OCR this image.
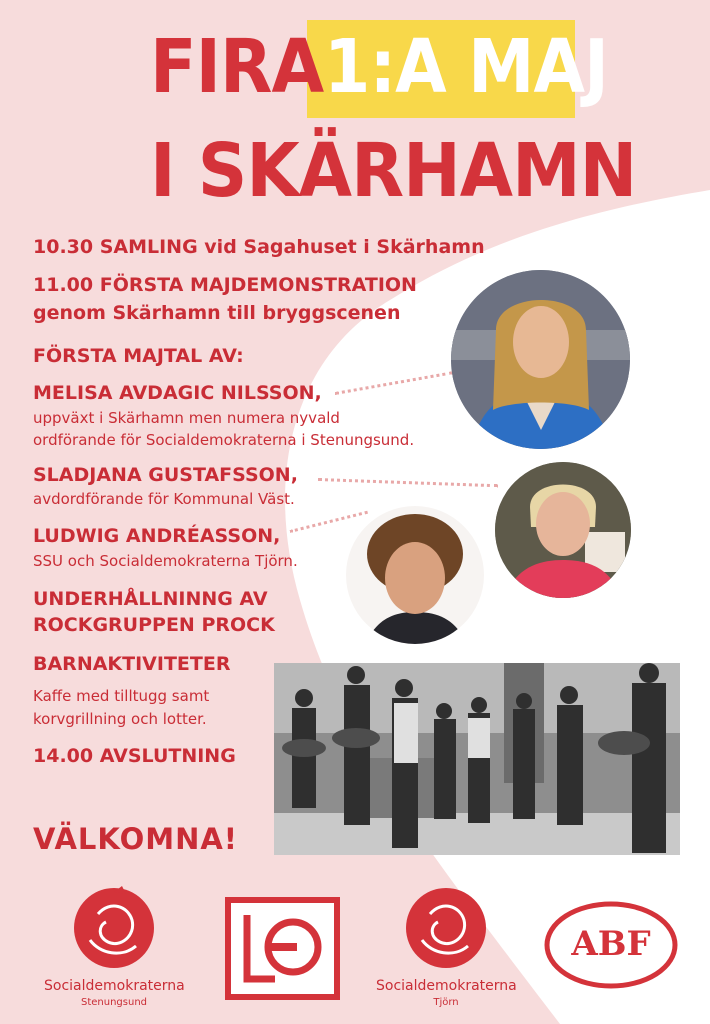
FIRA 1:A MAJ
I SKÄRHAMN
10.30 SAMLING vid Sagahuset i Skärhamn
11.00 FÖRSTA MAJDEMONSTRATION
genom Skärhamn till bryggscenen
FÖRSTA MAJTAL AV:
MELISA AVDAGIC NILSSON,
uppväxt i Skärhamn men numera nyvald
ordförande för Socialdemokraterna i Stenungsund.
SLADJANA GUSTAFSSON,
avdordförande för Kommunal Väst.
LUDWIG ANDRÉASSON,
SSU och Socialdemokraterna Tjörn.
UNDERHÅLLNINNG AV
ROCKGRUPPEN PROCK
BARNAKTIVITETER
Kaffe med tilltugg samt
korvgrillning och lotter.
14.00 AVSLUTNING
VÄLKOMNA!
Socialdemokraterna
Stenungsund
Socialdemokraterna
Tjörn
ABF
